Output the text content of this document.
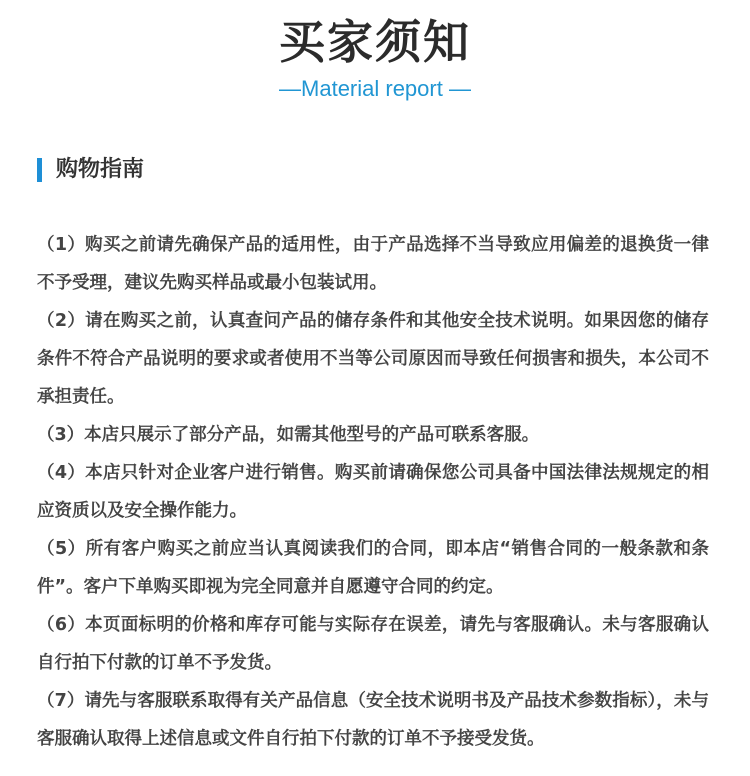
买家须知
—Material report —
购物指南

（1）购买之前请先确保产品的适用性，由于产品选择不当导致应用偏差的退换货一律不予受理，建议先购买样品或最小包装试用。

（2）请在购买之前，认真查问产品的储存条件和其他安全技术说明。如果因您的储存条件不符合产品说明的要求或者使用不当等公司原因而导致任何损害和损失，本公司不承担责任。

（3）本店只展示了部分产品，如需其他型号的产品可联系客服。

（4）本店只针对企业客户进行销售。购买前请确保您公司具备中国法律法规规定的相应资质以及安全操作能力。

（5）所有客户购买之前应当认真阅读我们的合同，即本店“销售合同的一般条款和条件”。客户下单购买即视为完全同意并自愿遵守合同的约定。

（6）本页面标明的价格和库存可能与实际存在误差，请先与客服确认。未与客服确认自行拍下付款的订单不予发货。

（7）请先与客服联系取得有关产品信息（安全技术说明书及产品技术参数指标），未与客服确认取得上述信息或文件自行拍下付款的订单不予接受发货。
